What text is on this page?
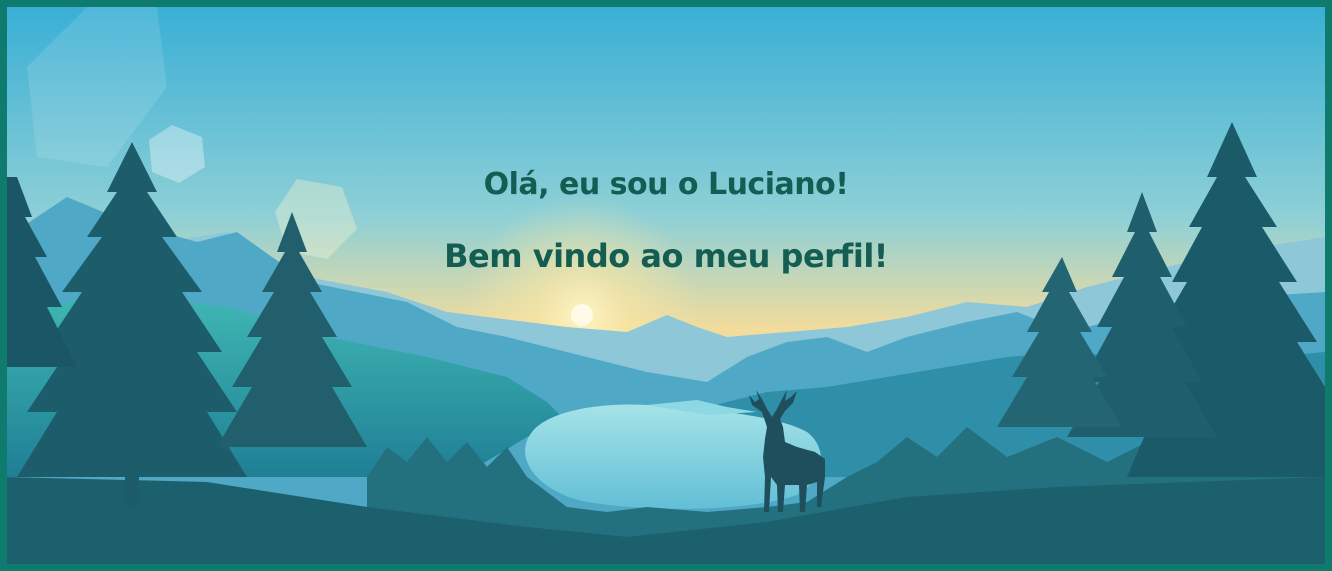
Olá, eu sou o Luciano!
Bem vindo ao meu perfil!
